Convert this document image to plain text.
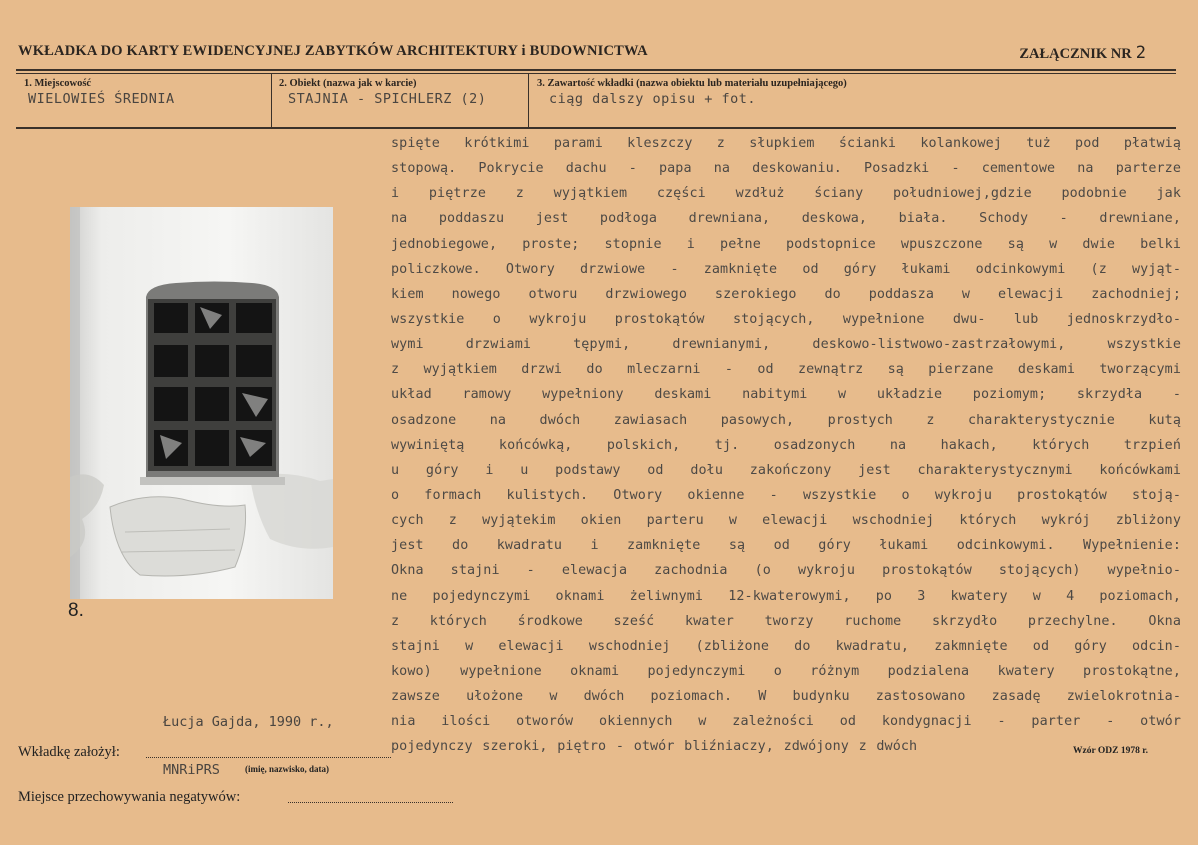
WKŁADKA DO KARTY EWIDENCYJNEJ ZABYTKÓW ARCHITEKTURY i BUDOWNICTWA	ZAŁĄCZNIK NR 2
1. Miejscowość
WIELOWIEŚ ŚREDNIA
2. Obiekt (nazwa jak w karcie)
STAJNIA - SPICHLERZ (2)
3. Zawartość wkładki (nazwa obiektu lub materiału uzupełniającego)
ciąg dalszy opisu + fot.
8.
spięte krótkimi parami kleszczy z słupkiem ścianki kolankowej tuż pod płatwią
stopową. Pokrycie dachu - papa na deskowaniu. Posadzki - cementowe na parterze
i piętrze z wyjątkiem części wzdłuż ściany południowej,gdzie podobnie jak
na poddaszu jest podłoga drewniana, deskowa, biała. Schody - drewniane,
jednobiegowe, proste; stopnie i pełne podstopnice wpuszczone są w dwie belki
policzkowe. Otwory drzwiowe - zamknięte od góry łukami odcinkowymi (z wyjąt-
kiem nowego otworu drzwiowego szerokiego do poddasza w elewacji zachodniej;
wszystkie o wykroju prostokątów stojących, wypełnione dwu- lub jednoskrzydło-
wymi drzwiami tępymi, drewnianymi, deskowo-listwowo-zastrzałowymi, wszystkie
z wyjątkiem drzwi do mleczarni - od zewnątrz są pierzane deskami tworzącymi
układ ramowy wypełniony deskami nabitymi w układzie poziomym; skrzydła -
osadzone na dwóch zawiasach pasowych, prostych z charakterystycznie kutą
wywiniętą końcówką, polskich, tj. osadzonych na hakach, których trzpień
u góry i u podstawy od dołu zakończony jest charakterystycznymi końcówkami
o formach kulistych. Otwory okienne - wszystkie o wykroju prostokątów stoją-
cych z wyjątekim okien parteru w elewacji wschodniej których wykrój zbliżony
jest do kwadratu i zamknięte są od góry łukami odcinkowymi. Wypełnienie:
Okna stajni - elewacja zachodnia (o wykroju prostokątów stojących) wypełnio-
ne pojedynczymi oknami żeliwnymi 12-kwaterowymi, po 3 kwatery w 4 poziomach,
z których środkowe sześć kwater tworzy ruchome skrzydło przechylne. Okna
stajni w elewacji wschodniej (zbliżone do kwadratu, zakmnięte od góry odcin-
kowo) wypełnione oknami pojedynczymi o różnym podzialena kwatery prostokątne,
zawsze ułożone w dwóch poziomach. W budynku zastosowano zasadę zwielokrotnia-
nia ilości otworów okiennych w zależności od kondygnacji - parter - otwór
pojedynczy szeroki, piętro - otwór bliźniaczy, zdwójony z dwóch
Łucja Gajda, 1990 r.,
Wkładkę założył:
MNRiPRS	(imię, nazwisko, data)
Wzór ODZ 1978 r.
Miejsce przechowywania negatywów:
